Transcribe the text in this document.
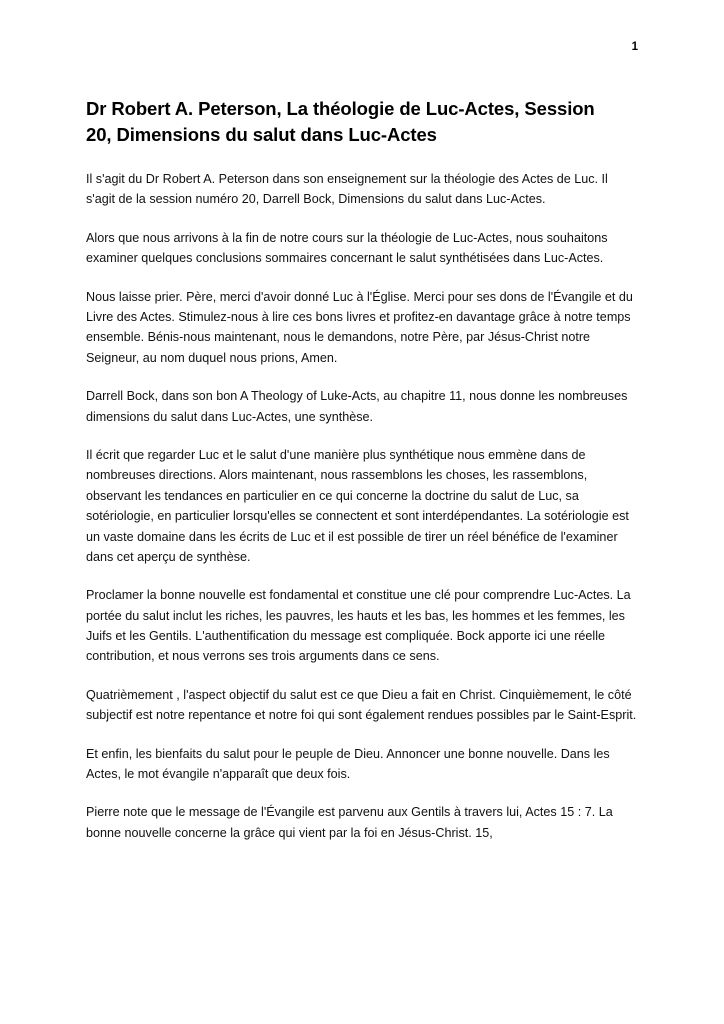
1
Dr Robert A. Peterson, La théologie de Luc-Actes, Session 20, Dimensions du salut dans Luc-Actes

Il s'agit du Dr Robert A. Peterson dans son enseignement sur la théologie des Actes de Luc. Il s'agit de la session numéro 20, Darrell Bock, Dimensions du salut dans Luc-Actes.

Alors que nous arrivons à la fin de notre cours sur la théologie de Luc-Actes, nous souhaitons examiner quelques conclusions sommaires concernant le salut synthétisées dans Luc-Actes.

Nous laisse prier. Père, merci d'avoir donné Luc à l'Église. Merci pour ses dons de l'Évangile et du Livre des Actes. Stimulez-nous à lire ces bons livres et profitez-en davantage grâce à notre temps ensemble. Bénis-nous maintenant, nous le demandons, notre Père, par Jésus-Christ notre Seigneur, au nom duquel nous prions, Amen.

Darrell Bock, dans son bon A Theology of Luke-Acts, au chapitre 11, nous donne les nombreuses dimensions du salut dans Luc-Actes, une synthèse.

Il écrit que regarder Luc et le salut d'une manière plus synthétique nous emmène dans de nombreuses directions. Alors maintenant, nous rassemblons les choses, les rassemblons, observant les tendances en particulier en ce qui concerne la doctrine du salut de Luc, sa sotériologie, en particulier lorsqu'elles se connectent et sont interdépendantes. La sotériologie est un vaste domaine dans les écrits de Luc et il est possible de tirer un réel bénéfice de l'examiner dans cet aperçu de synthèse.

Proclamer la bonne nouvelle est fondamental et constitue une clé pour comprendre Luc-Actes. La portée du salut inclut les riches, les pauvres, les hauts et les bas, les hommes et les femmes, les Juifs et les Gentils. L'authentification du message est compliquée. Bock apporte ici une réelle contribution, et nous verrons ses trois arguments dans ce sens.

Quatrièmement , l'aspect objectif du salut est ce que Dieu a fait en Christ. Cinquièmement, le côté subjectif est notre repentance et notre foi qui sont également rendues possibles par le Saint-Esprit.

Et enfin, les bienfaits du salut pour le peuple de Dieu. Annoncer une bonne nouvelle. Dans les Actes, le mot évangile n'apparaît que deux fois.

Pierre note que le message de l'Évangile est parvenu aux Gentils à travers lui, Actes 15 : 7. La bonne nouvelle concerne la grâce qui vient par la foi en Jésus-Christ. 15,
